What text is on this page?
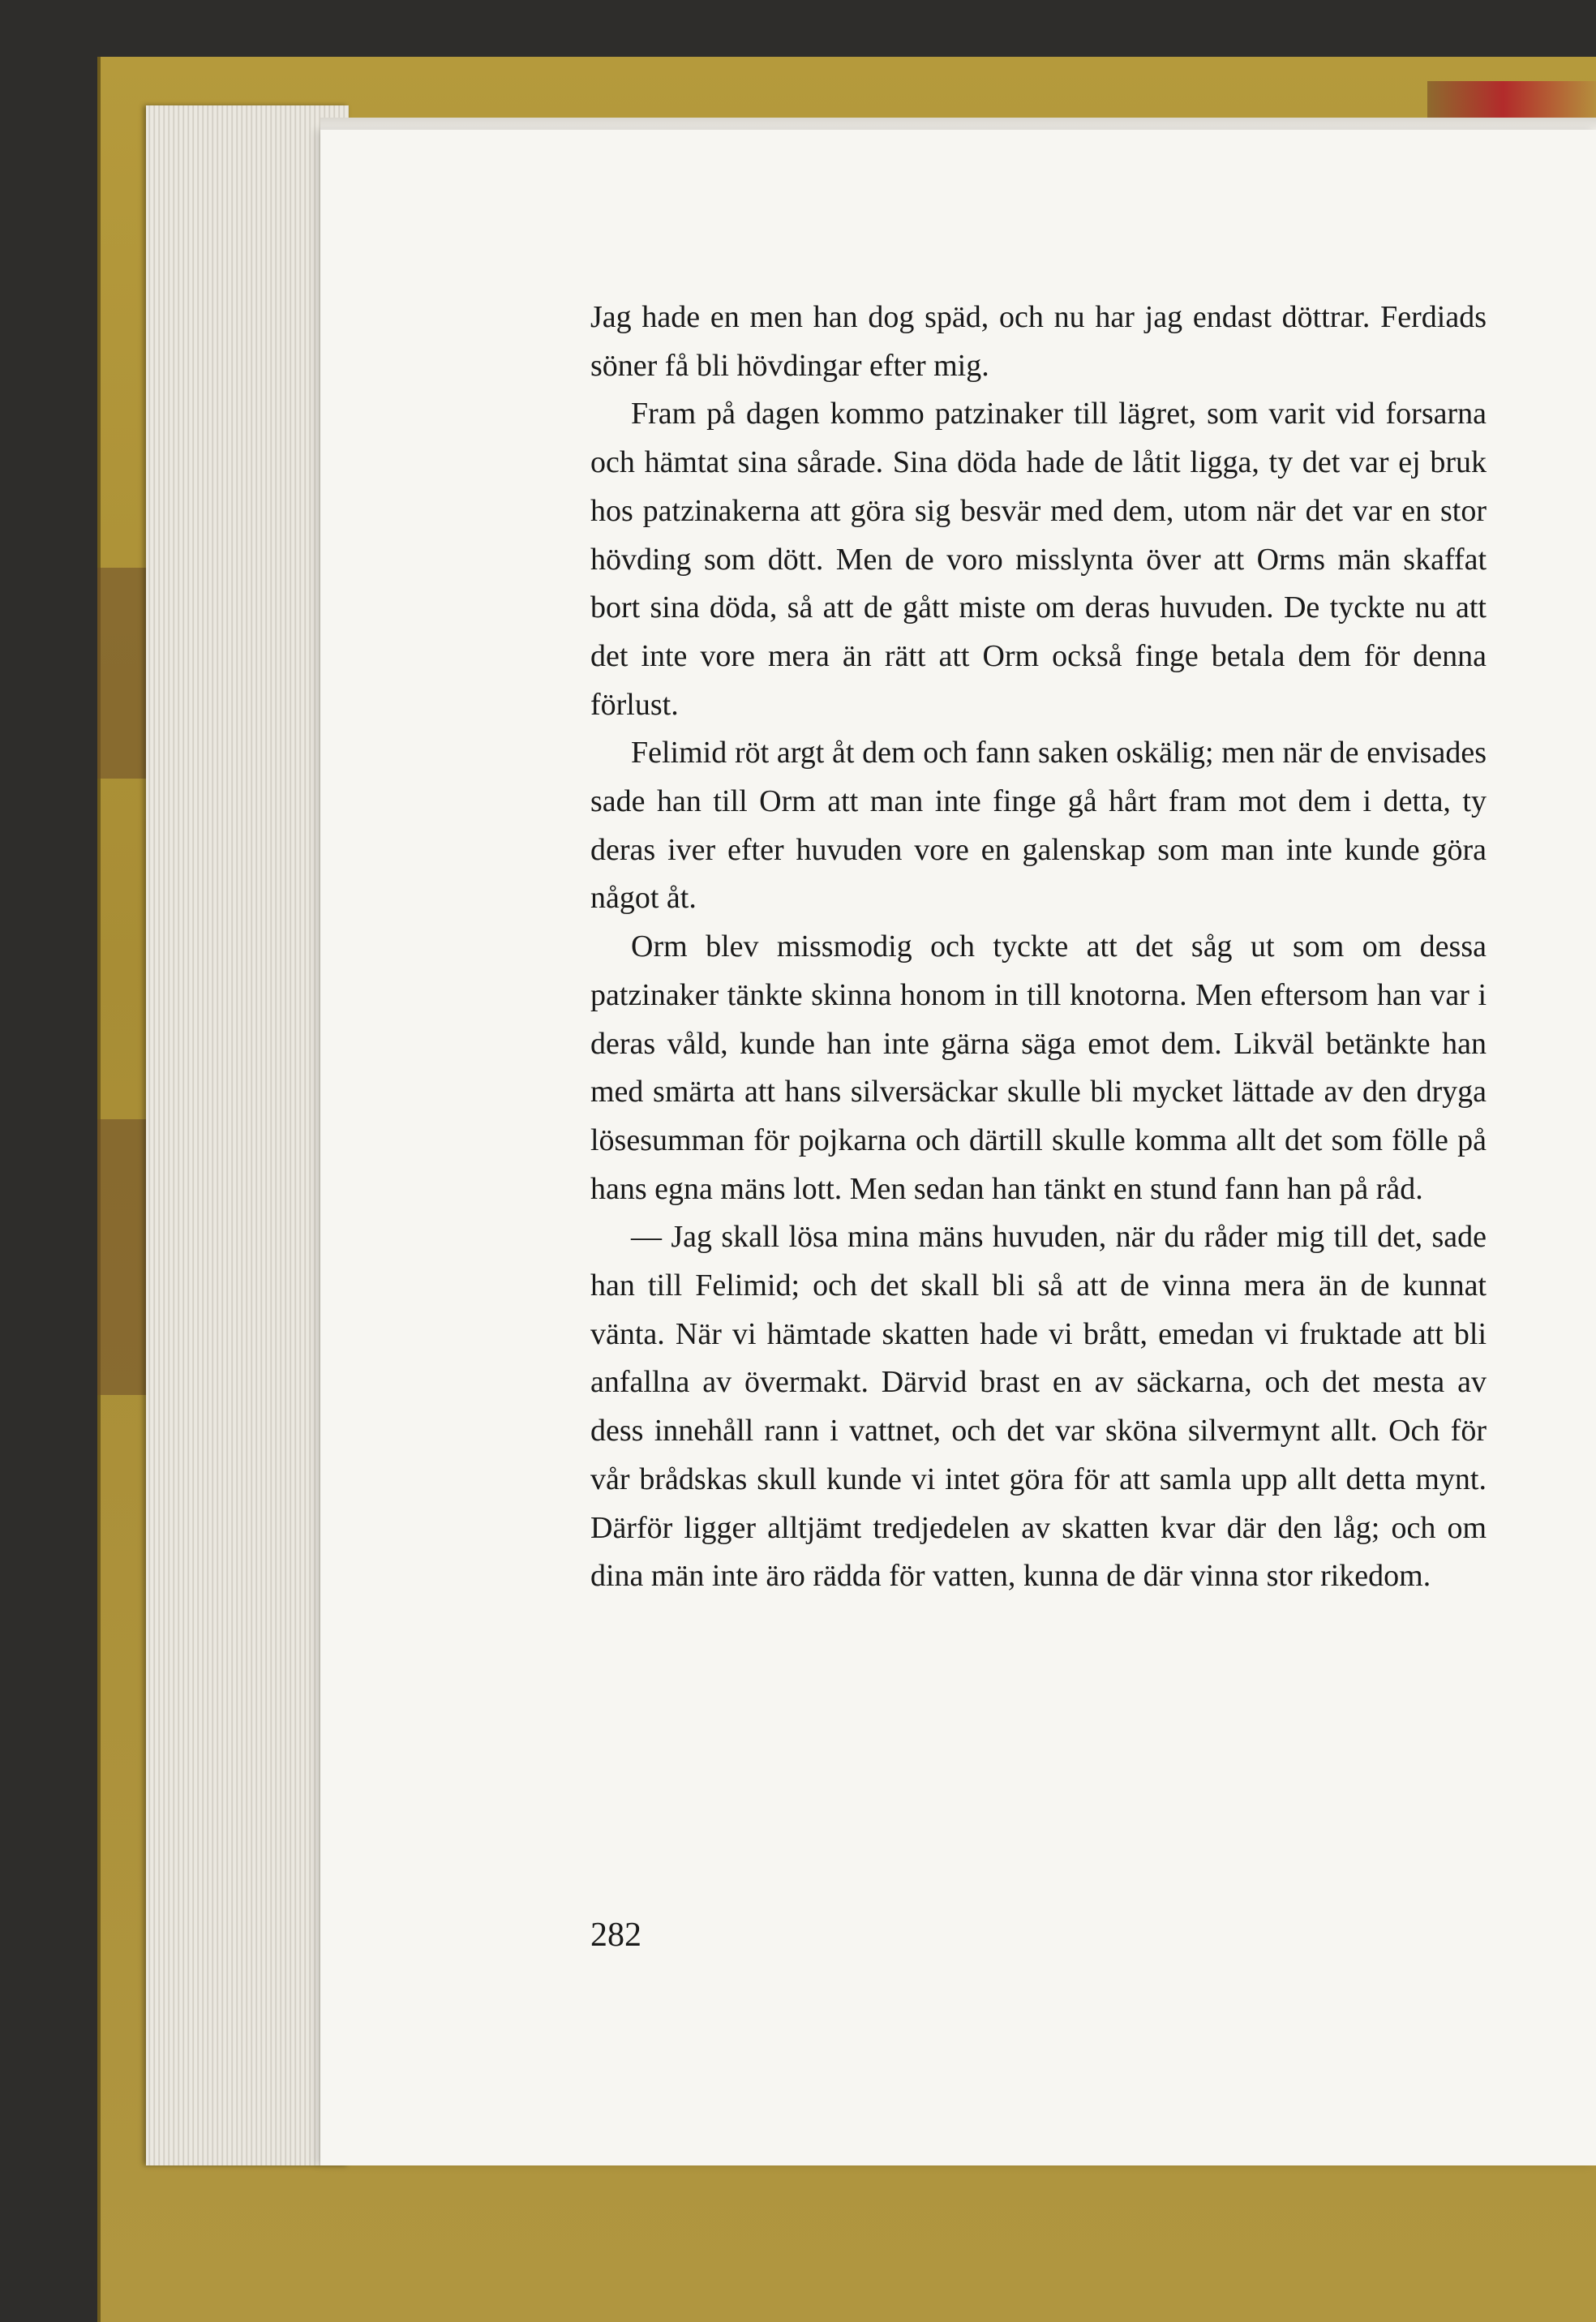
Jag hade en men han dog späd, och nu har jag endast döttrar. Ferdiads söner få bli hövdingar efter mig.

Fram på dagen kommo patzinaker till lägret, som varit vid forsarna och hämtat sina sårade. Sina döda hade de låtit ligga, ty det var ej bruk hos patzinakerna att göra sig besvär med dem, utom när det var en stor hövding som dött. Men de voro misslynta över att Orms män skaffat bort sina döda, så att de gått miste om deras huvuden. De tyckte nu att det inte vore mera än rätt att Orm också finge betala dem för denna förlust.

Felimid röt argt åt dem och fann saken oskälig; men när de envisades sade han till Orm att man inte finge gå hårt fram mot dem i detta, ty deras iver efter huvuden vore en galenskap som man inte kunde göra något åt.

Orm blev missmodig och tyckte att det såg ut som om dessa patzinaker tänkte skinna honom in till knotorna. Men eftersom han var i deras våld, kunde han inte gärna säga emot dem. Likväl betänkte han med smärta att hans silversäckar skulle bli mycket lättade av den dryga lösesumman för pojkarna och därtill skulle komma allt det som fölle på hans egna mäns lott. Men sedan han tänkt en stund fann han på råd.

— Jag skall lösa mina mäns huvuden, när du råder mig till det, sade han till Felimid; och det skall bli så att de vinna mera än de kunnat vänta. När vi hämtade skatten hade vi brått, emedan vi fruktade att bli anfallna av övermakt. Därvid brast en av säckarna, och det mesta av dess innehåll rann i vattnet, och det var sköna silvermynt allt. Och för vår brådskas skull kunde vi intet göra för att samla upp allt detta mynt. Därför ligger alltjämt tredjedelen av skatten kvar där den låg; och om dina män inte äro rädda för vatten, kunna de där vinna stor rikedom.

282
